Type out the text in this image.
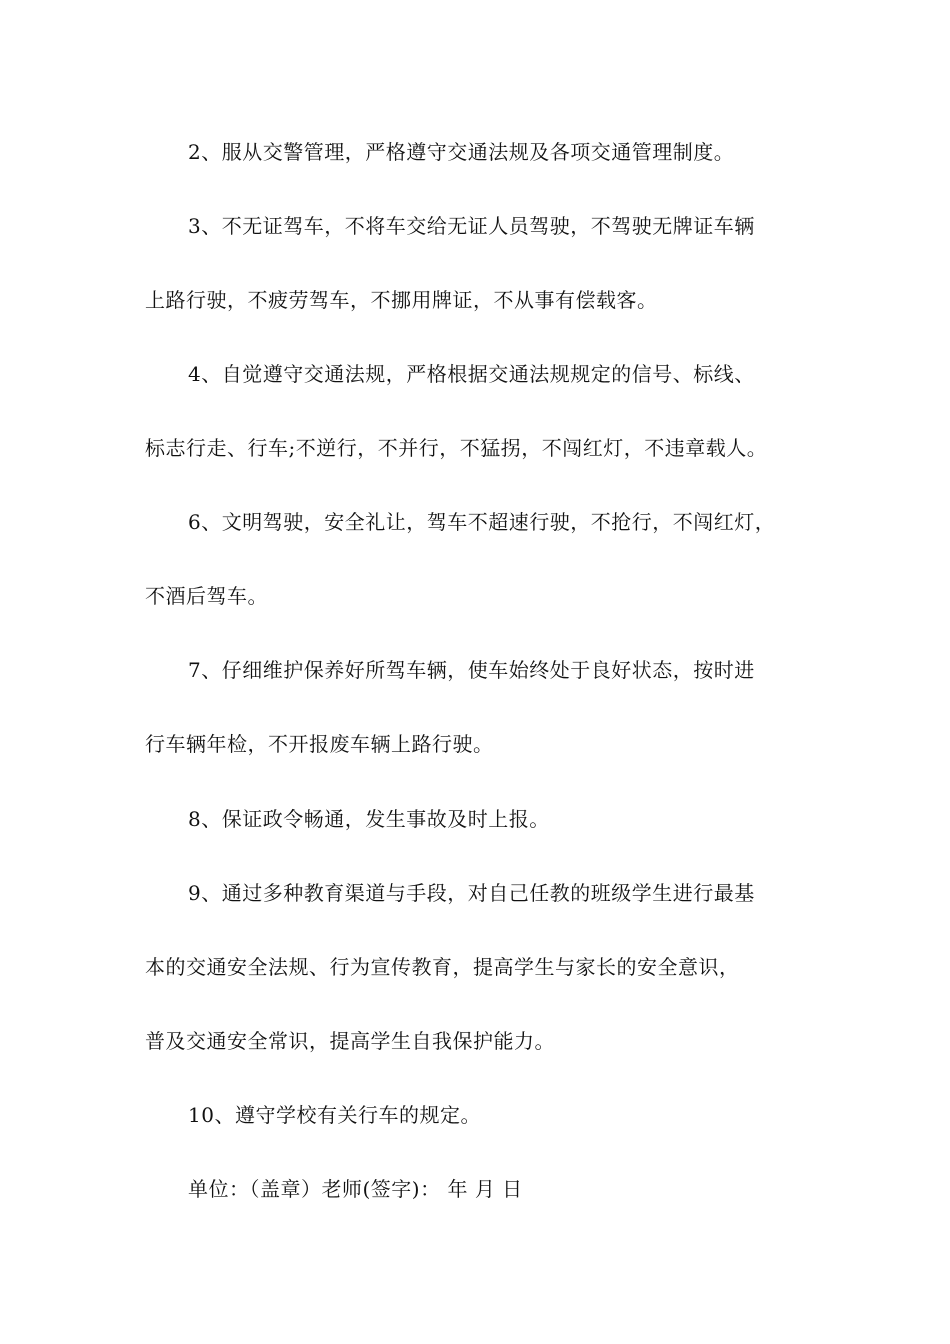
2、服从交警管理，严格遵守交通法规及各项交通管理制度。
3、不无证驾车，不将车交给无证人员驾驶，不驾驶无牌证车辆
上路行驶，不疲劳驾车，不挪用牌证，不从事有偿载客。
4、自觉遵守交通法规，严格根据交通法规规定的信号、标线、
标志行走、行车;不逆行，不并行，不猛拐，不闯红灯，不违章载人。
6、文明驾驶，安全礼让，驾车不超速行驶，不抢行，不闯红灯，
不酒后驾车。
7、仔细维护保养好所驾车辆，使车始终处于良好状态，按时进
行车辆年检，不开报废车辆上路行驶。
8、保证政令畅通，发生事故及时上报。
9、通过多种教育渠道与手段，对自己任教的班级学生进行最基
本的交通安全法规、行为宣传教育，提高学生与家长的安全意识，
普及交通安全常识，提高学生自我保护能力。
10、遵守学校有关行车的规定。
单位：（盖章）老师(签字)： 年 月 日
